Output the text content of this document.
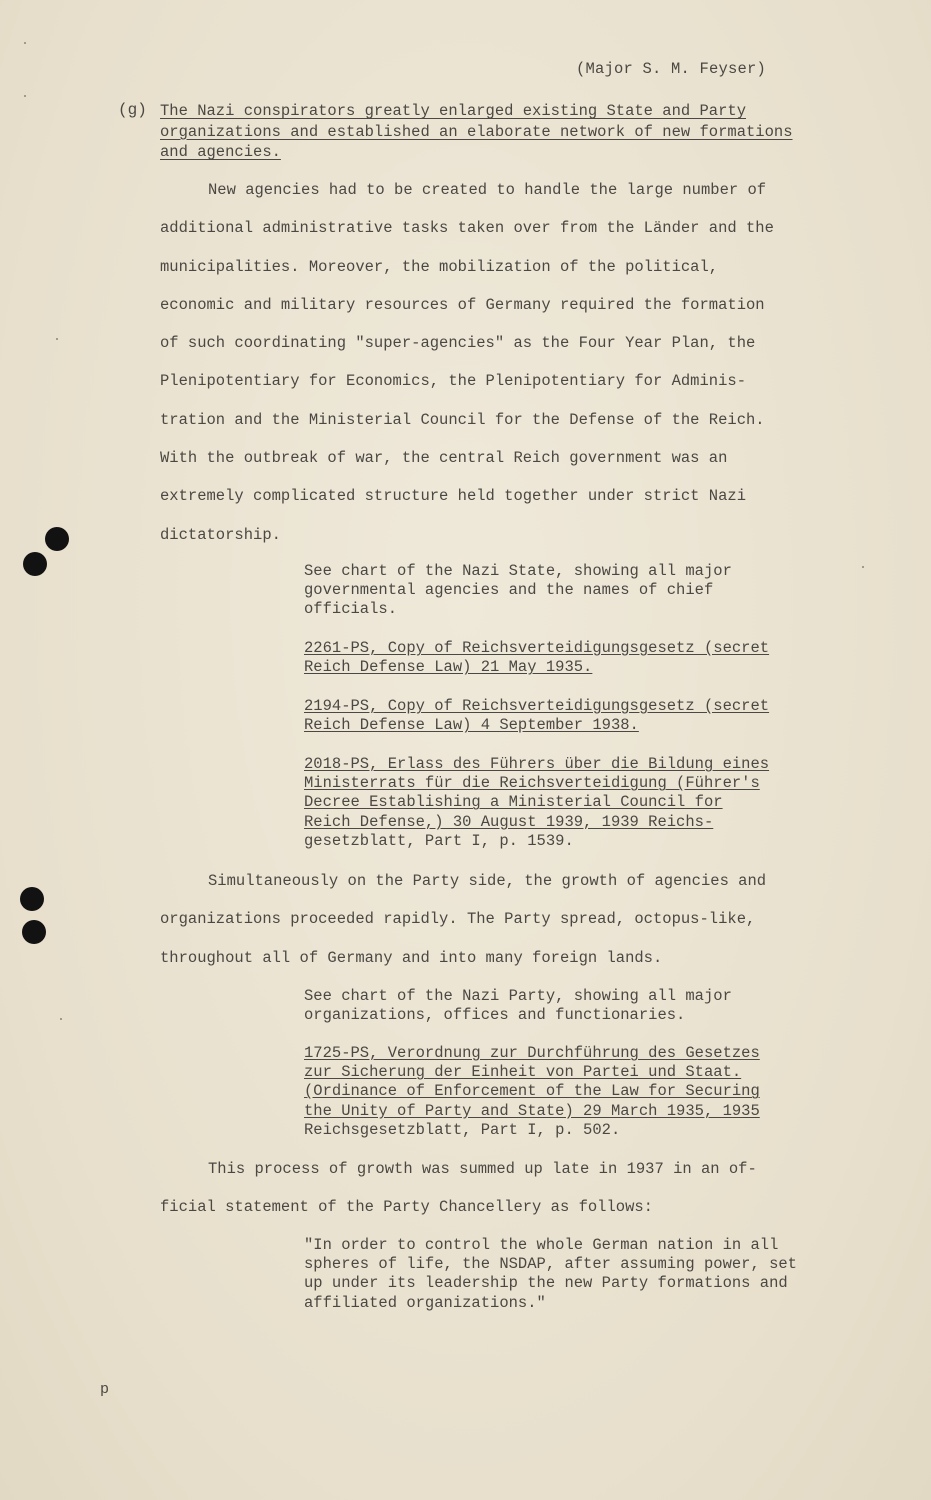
(Major S. M. Feyser)
(g) The Nazi conspirators greatly enlarged existing State and Party
organizations and established an elaborate network of new formations
and agencies.
New agencies had to be created to handle the large number of
additional administrative tasks taken over from the Länder and the
municipalities. Moreover, the mobilization of the political,
economic and military resources of Germany required the formation
of such coordinating "super-agencies" as the Four Year Plan, the
Plenipotentiary for Economics, the Plenipotentiary for Adminis-
tration and the Ministerial Council for the Defense of the Reich.
With the outbreak of war, the central Reich government was an
extremely complicated structure held together under strict Nazi
dictatorship.
See chart of the Nazi State, showing all major
governmental agencies and the names of chief
officials.
2261-PS, Copy of Reichsverteidigungsgesetz (secret
Reich Defense Law) 21 May 1935.
2194-PS, Copy of Reichsverteidigungsgesetz (secret
Reich Defense Law) 4 September 1938.
2018-PS, Erlass des Führers über die Bildung eines
Ministerrats für die Reichsverteidigung (Führer's
Decree Establishing a Ministerial Council for
Reich Defense,) 30 August 1939, 1939 Reichs-
gesetzblatt, Part I, p. 1539.
Simultaneously on the Party side, the growth of agencies and
organizations proceeded rapidly. The Party spread, octopus-like,
throughout all of Germany and into many foreign lands.
See chart of the Nazi Party, showing all major
organizations, offices and functionaries.
1725-PS, Verordnung zur Durchführung des Gesetzes
zur Sicherung der Einheit von Partei und Staat.
(Ordinance of Enforcement of the Law for Securing
the Unity of Party and State) 29 March 1935, 1935
Reichsgesetzblatt, Part I, p. 502.
This process of growth was summed up late in 1937 in an of-
ficial statement of the Party Chancellery as follows:
"In order to control the whole German nation in all
spheres of life, the NSDAP, after assuming power, set
up under its leadership the new Party formations and
affiliated organizations."
p
